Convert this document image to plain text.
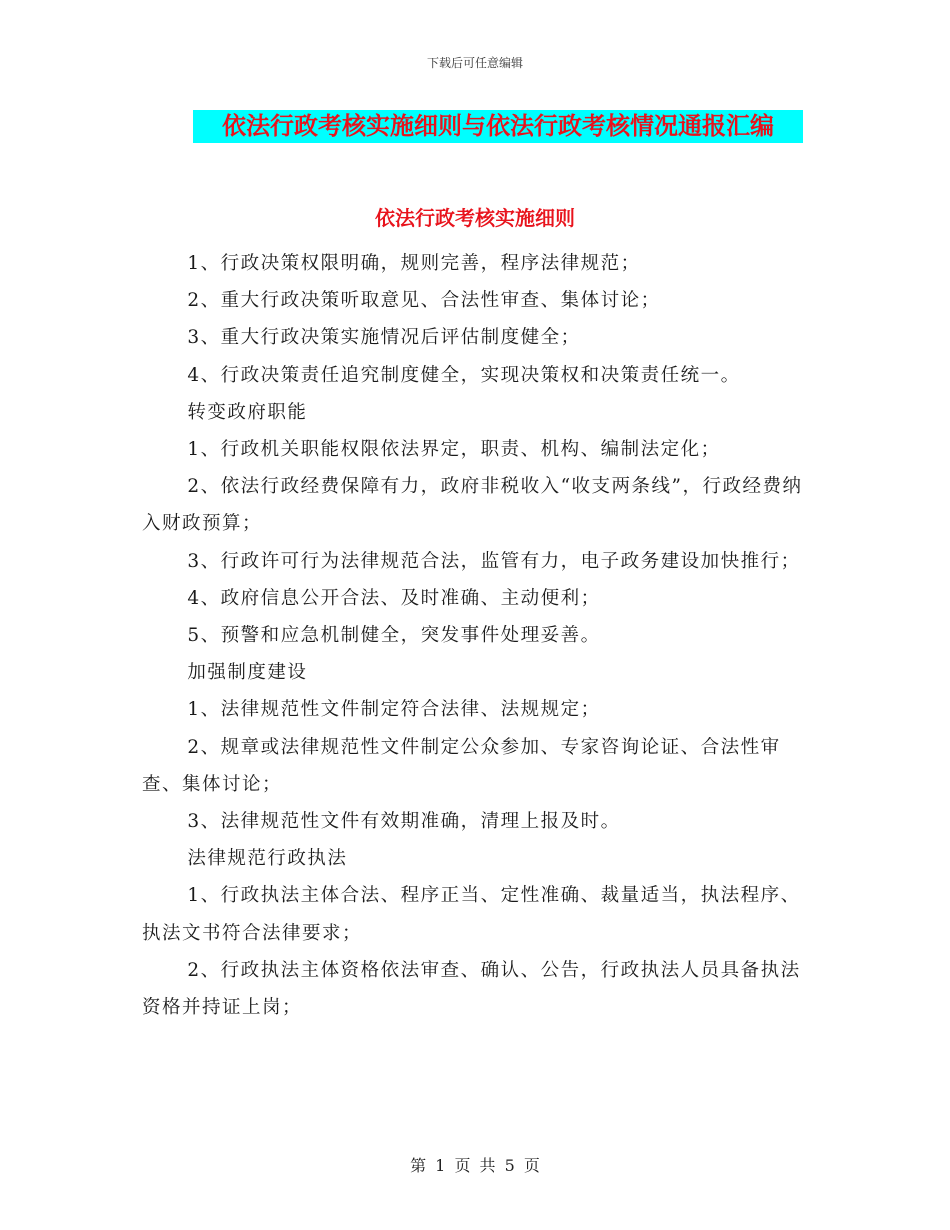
下载后可任意编辑
依法行政考核实施细则与依法行政考核情况通报汇编
依法行政考核实施细则

1、行政决策权限明确，规则完善，程序法律规范；

2、重大行政决策听取意见、合法性审查、集体讨论；

3、重大行政决策实施情况后评估制度健全；

4、行政决策责任追究制度健全，实现决策权和决策责任统一。

转变政府职能

1、行政机关职能权限依法界定，职责、机构、编制法定化；

2、依法行政经费保障有力，政府非税收入“收支两条线”，行政经费纳入财政预算；

3、行政许可行为法律规范合法，监管有力，电子政务建设加快推行；

4、政府信息公开合法、及时准确、主动便利；

5、预警和应急机制健全，突发事件处理妥善。

加强制度建设

1、法律规范性文件制定符合法律、法规规定；

2、规章或法律规范性文件制定公众参加、专家咨询论证、合法性审查、集体讨论；

3、法律规范性文件有效期准确，清理上报及时。

法律规范行政执法

1、行政执法主体合法、程序正当、定性准确、裁量适当，执法程序、执法文书符合法律要求；

2、行政执法主体资格依法审查、确认、公告，行政执法人员具备执法资格并持证上岗；

第 1 页 共 5 页
